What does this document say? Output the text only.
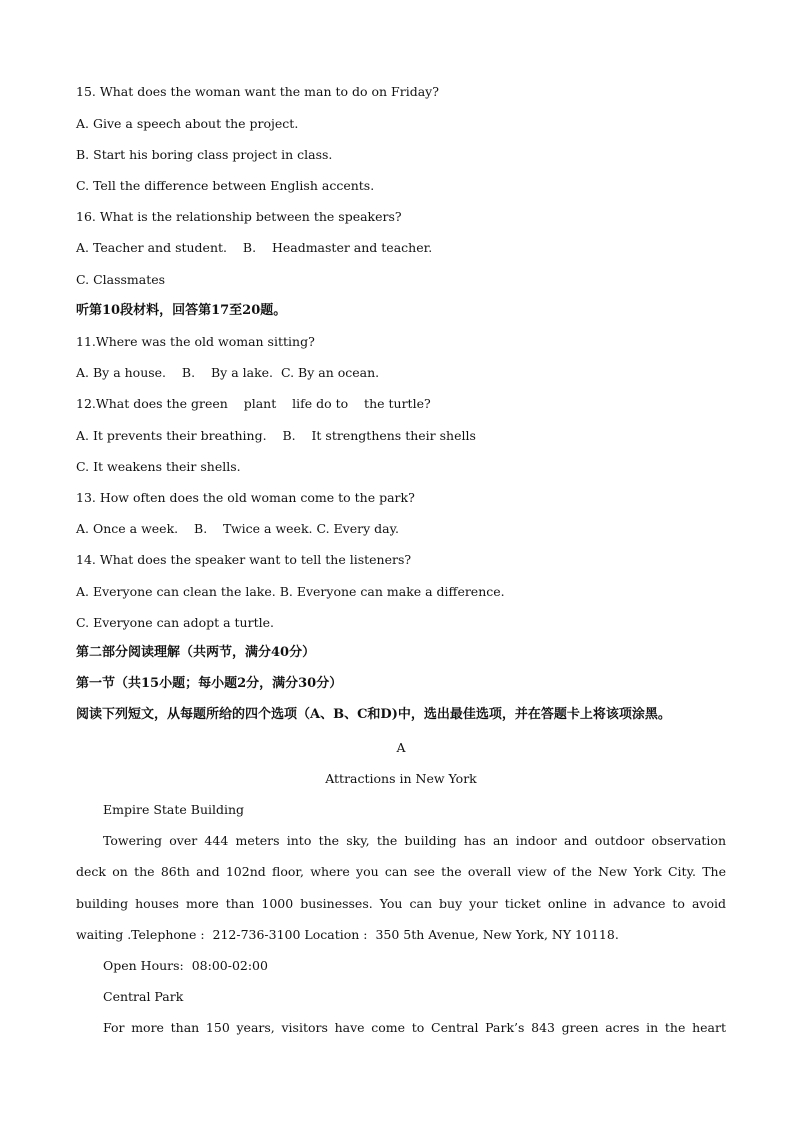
15. What does the woman want the man to do on Friday?
A. Give a speech about the project.
B. Start his boring class project in class.
C. Tell the difference between English accents.
16. What is the relationship between the speakers?
A. Teacher and student.    B.    Headmaster and teacher.
C. Classmates
听第10段材料，回答第17至20题。
11.Where was the old woman sitting?
A. By a house.    B.    By a lake.  C. By an ocean.
12.What does the green    plant    life do to    the turtle?
A. It prevents their breathing.    B.    It strengthens their shells
C. It weakens their shells.
13. How often does the old woman come to the park?
A. Once a week.    B.    Twice a week. C. Every day.
14. What does the speaker want to tell the listeners?
A. Everyone can clean the lake. B. Everyone can make a difference.
C. Everyone can adopt a turtle.
第二部分阅读理解（共两节，满分40分）
第一节（共15小题；每小题2分，满分30分）
阅读下列短文，从每题所给的四个选项（A、B、C和D)中，选出最佳选项，并在答题卡上将该项涂黑。
A
Attractions in New York
Empire State Building
Towering over 444 meters into the sky, the building has an indoor and outdoor observation
deck on the 86th and 102nd floor, where you can see the overall view of the New York City. The
building houses more than 1000 businesses. You can buy your ticket online in advance to avoid
waiting .Telephone :  212-736-3100 Location :  350 5th Avenue, New York, NY 10118.
Open Hours:  08:00-02:00
Central Park
For more than 150 years, visitors have come to Central Park’s 843 green acres in the heart
